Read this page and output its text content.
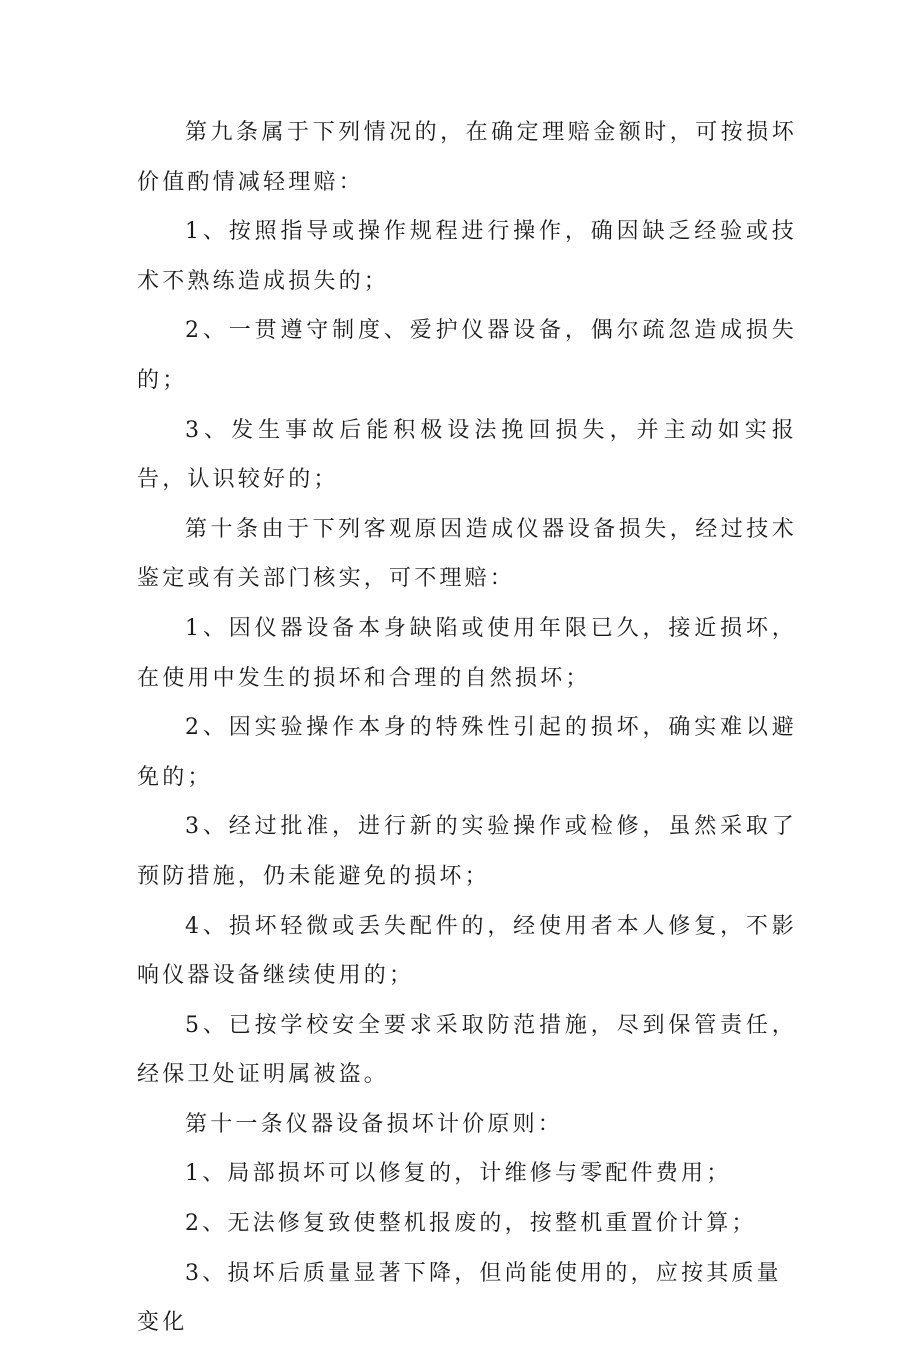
第九条属于下列情况的，在确定理赔金额时，可按损坏价值酌情减轻理赔：

1、按照指导或操作规程进行操作，确因缺乏经验或技术不熟练造成损失的；

2、一贯遵守制度、爱护仪器设备，偶尔疏忽造成损失的；

3、发生事故后能积极设法挽回损失，并主动如实报告，认识较好的；

第十条由于下列客观原因造成仪器设备损失，经过技术鉴定或有关部门核实，可不理赔：

1、因仪器设备本身缺陷或使用年限已久，接近损坏，在使用中发生的损坏和合理的自然损坏；

2、因实验操作本身的特殊性引起的损坏，确实难以避免的；

3、经过批准，进行新的实验操作或检修，虽然采取了预防措施，仍未能避免的损坏；

4、损坏轻微或丢失配件的，经使用者本人修复，不影响仪器设备继续使用的；

5、已按学校安全要求采取防范措施，尽到保管责任，经保卫处证明属被盗。

第十一条仪器设备损坏计价原则：

1、局部损坏可以修复的，计维修与零配件费用；

2、无法修复致使整机报废的，按整机重置价计算；

3、损坏后质量显著下降，但尚能使用的，应按其质量变化
